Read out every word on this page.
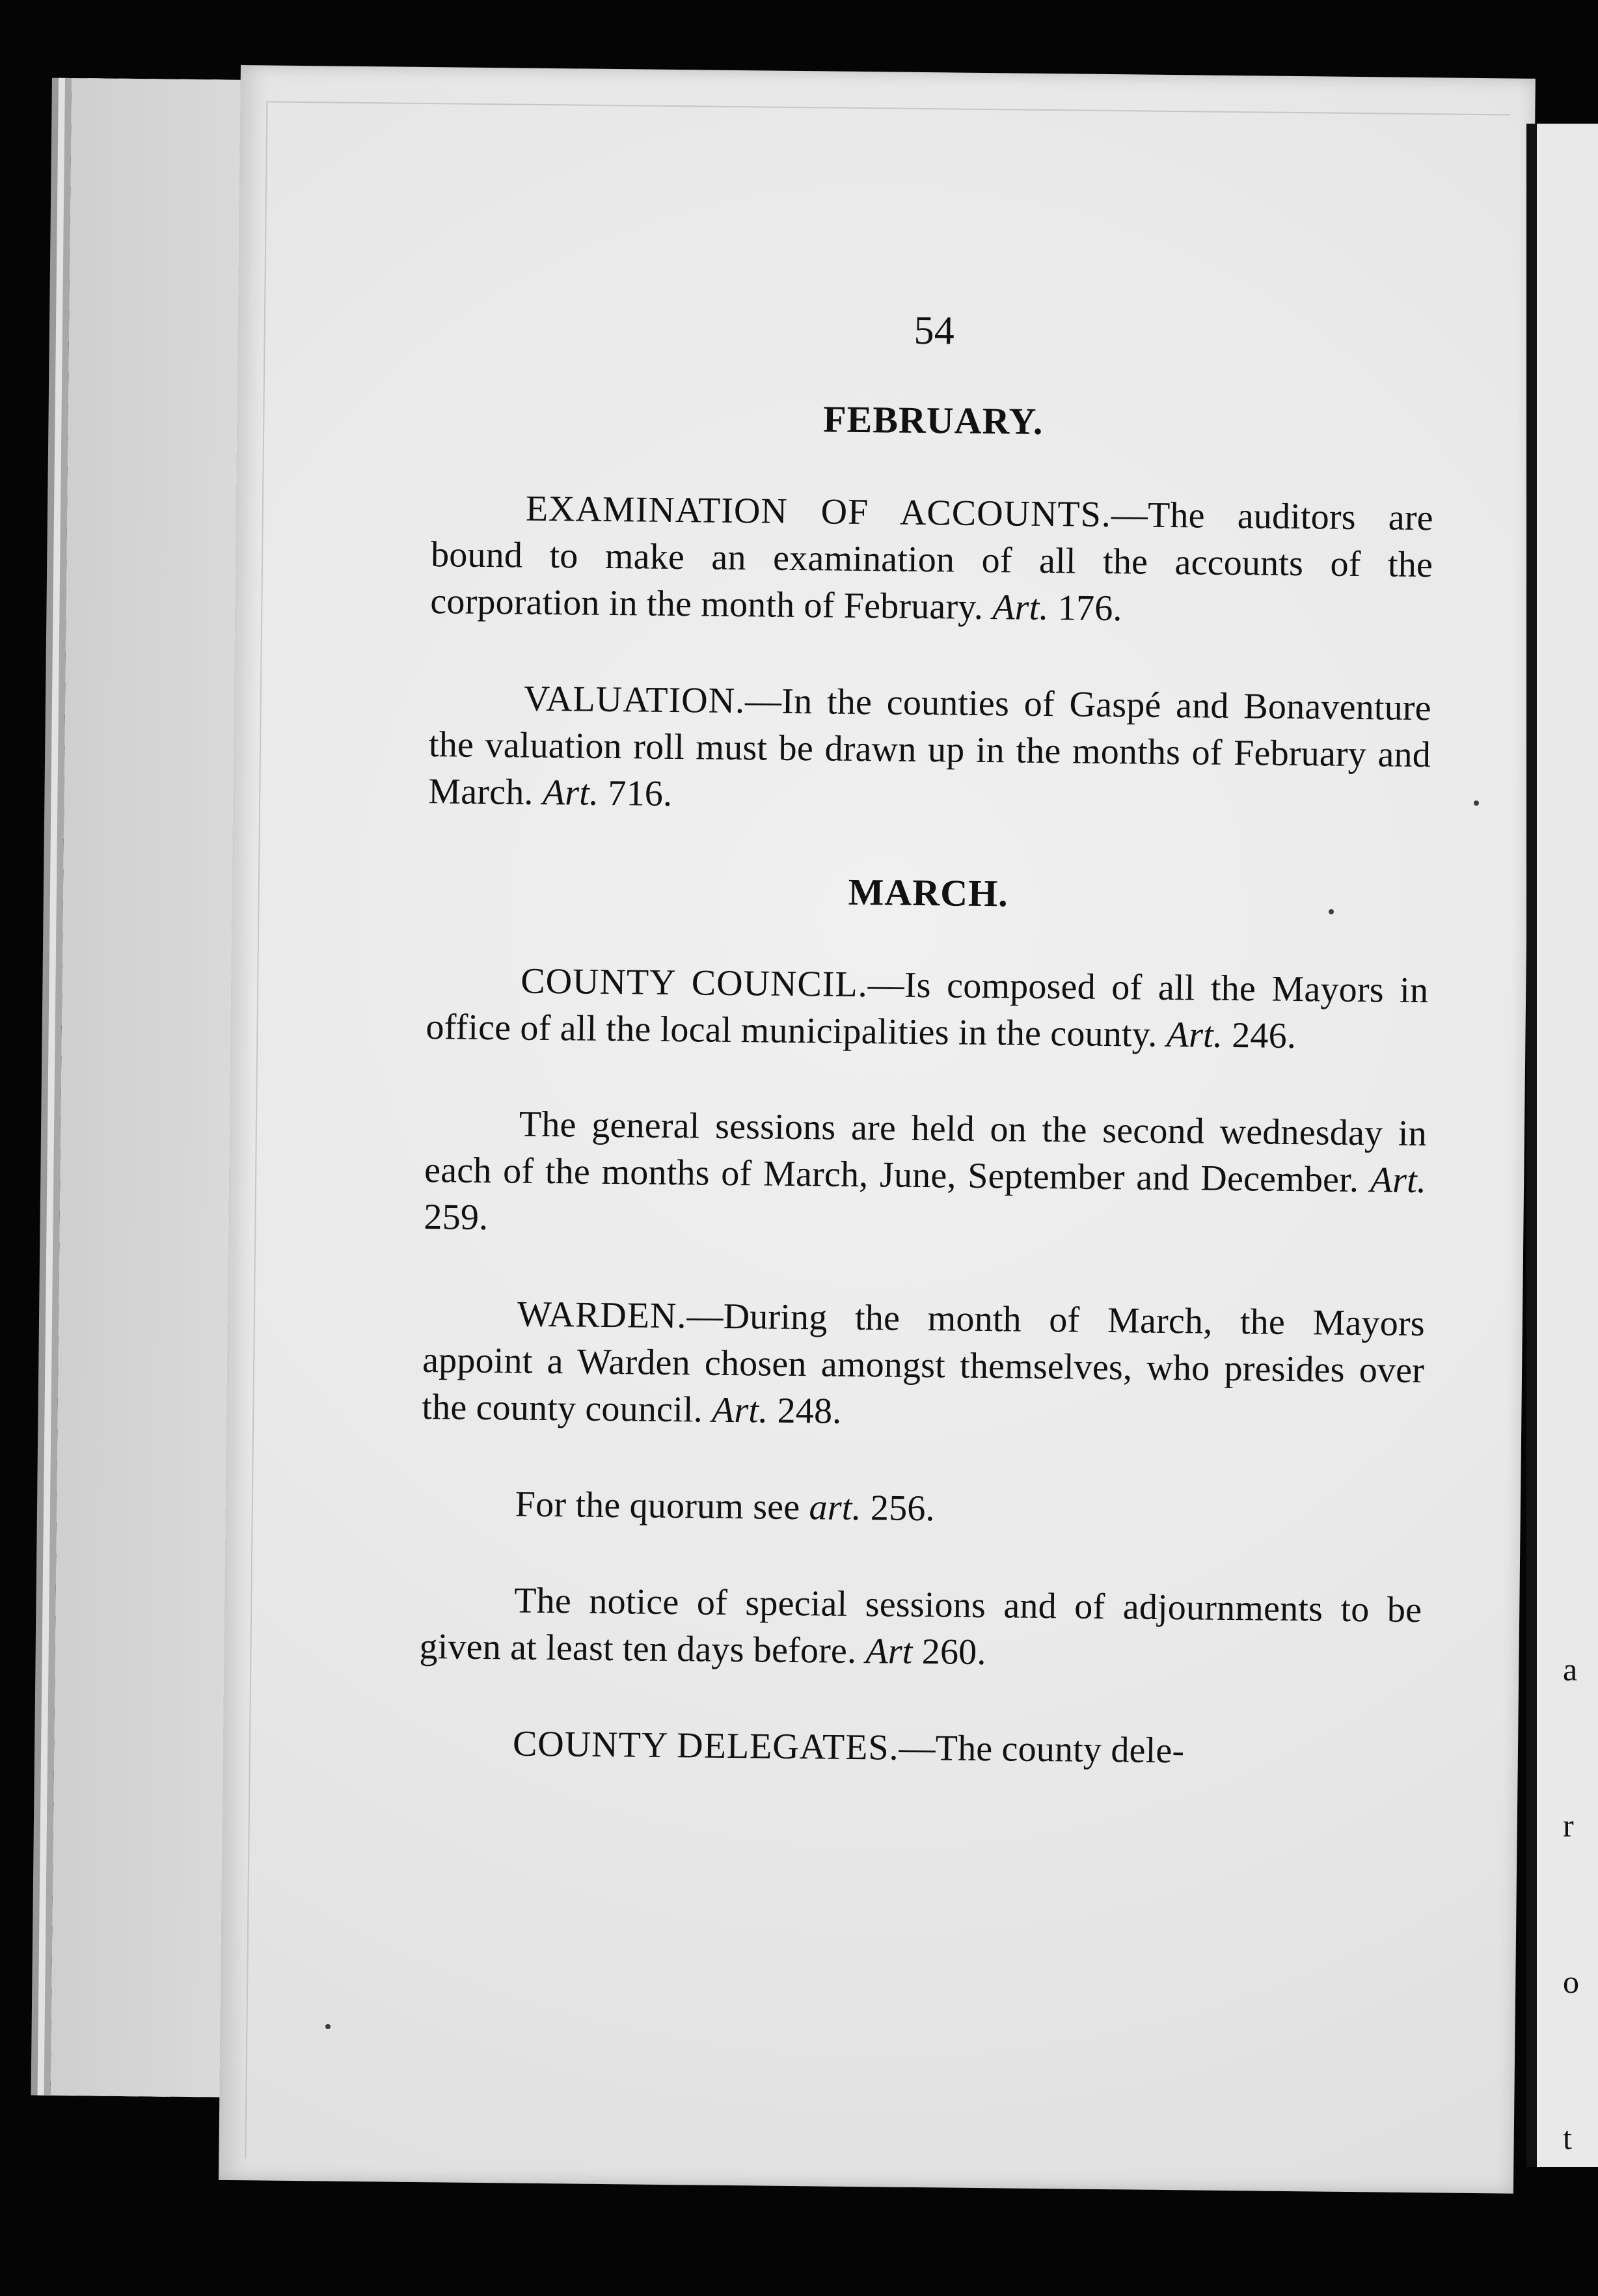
54
FEBRUARY.

EXAMINATION OF ACCOUNTS.—The auditors are bound to make an examination of all the accounts of the corporation in the month of February. Art. 176.

VALUATION.—In the counties of Gaspé and Bonaventure the valuation roll must be drawn up in the months of February and March. Art. 716.

MARCH.

COUNTY COUNCIL.—Is composed of all the Mayors in office of all the local municipalities in the county. Art. 246.

The general sessions are held on the second wednesday in each of the months of March, June, September and December. Art. 259.

WARDEN.—During the month of March, the Mayors appoint a Warden chosen amongst themselves, who presides over the county council. Art. 248.

For the quorum see art. 256.

The notice of special sessions and of adjournments to be given at least ten days before. Art 260.

COUNTY DELEGATES.—The county dele-

a
r
o
t
